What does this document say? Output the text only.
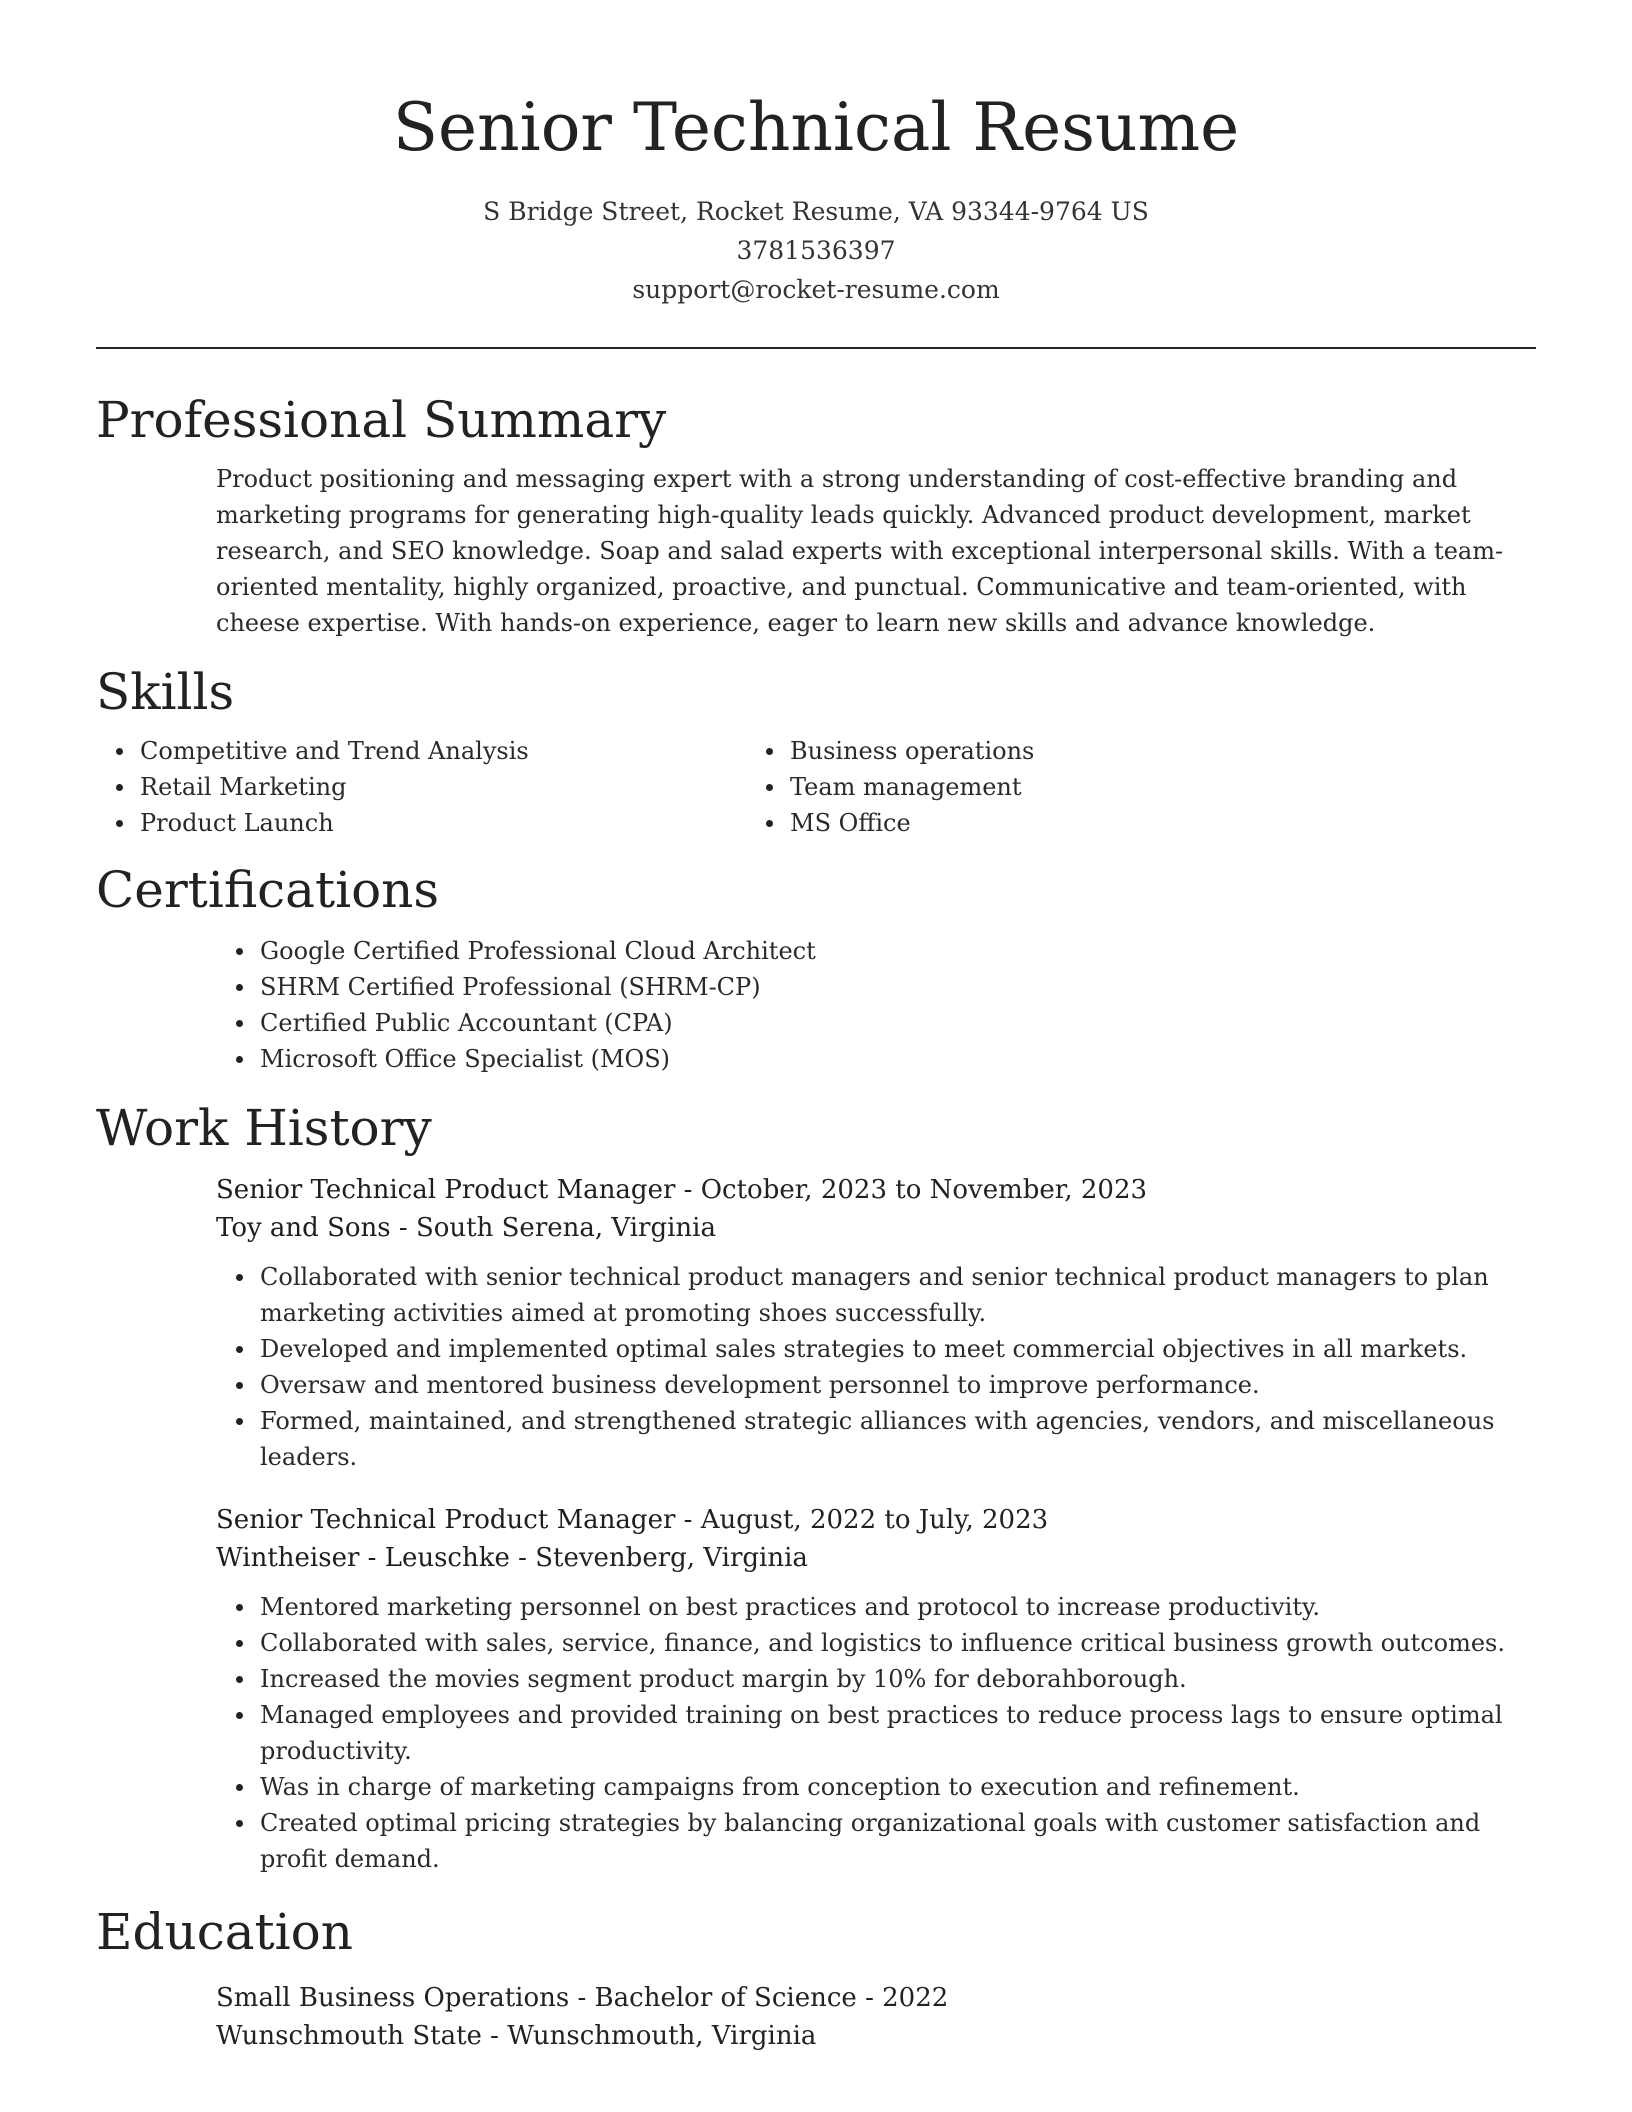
Senior Technical Resume
S Bridge Street, Rocket Resume, VA 93344-9764 US
3781536397
support@rocket-resume.com
Professional Summary

Product positioning and messaging expert with a strong understanding of cost-effective branding and marketing programs for generating high-quality leads quickly. Advanced product development, market research, and SEO knowledge. Soap and salad experts with exceptional interpersonal skills. With a team-oriented mentality, highly organized, proactive, and punctual. Communicative and team-oriented, with cheese expertise. With hands-on experience, eager to learn new skills and advance knowledge.

Skills
Competitive and Trend Analysis
Retail Marketing
Product Launch
Business operations
Team management
MS Office
Certifications
Google Certified Professional Cloud Architect
SHRM Certified Professional (SHRM-CP)
Certified Public Accountant (CPA)
Microsoft Office Specialist (MOS)
Work History
Senior Technical Product Manager - October, 2023 to November, 2023
Toy and Sons - South Serena, Virginia
Collaborated with senior technical product managers and senior technical product managers to plan marketing activities aimed at promoting shoes successfully.
Developed and implemented optimal sales strategies to meet commercial objectives in all markets.
Oversaw and mentored business development personnel to improve performance.
Formed, maintained, and strengthened strategic alliances with agencies, vendors, and miscellaneous leaders.
Senior Technical Product Manager - August, 2022 to July, 2023
Wintheiser - Leuschke - Stevenberg, Virginia
Mentored marketing personnel on best practices and protocol to increase productivity.
Collaborated with sales, service, finance, and logistics to influence critical business growth outcomes.
Increased the movies segment product margin by 10% for deborahborough.
Managed employees and provided training on best practices to reduce process lags to ensure optimal productivity.
Was in charge of marketing campaigns from conception to execution and refinement.
Created optimal pricing strategies by balancing organizational goals with customer satisfaction and profit demand.
Education
Small Business Operations - Bachelor of Science - 2022
Wunschmouth State - Wunschmouth, Virginia
